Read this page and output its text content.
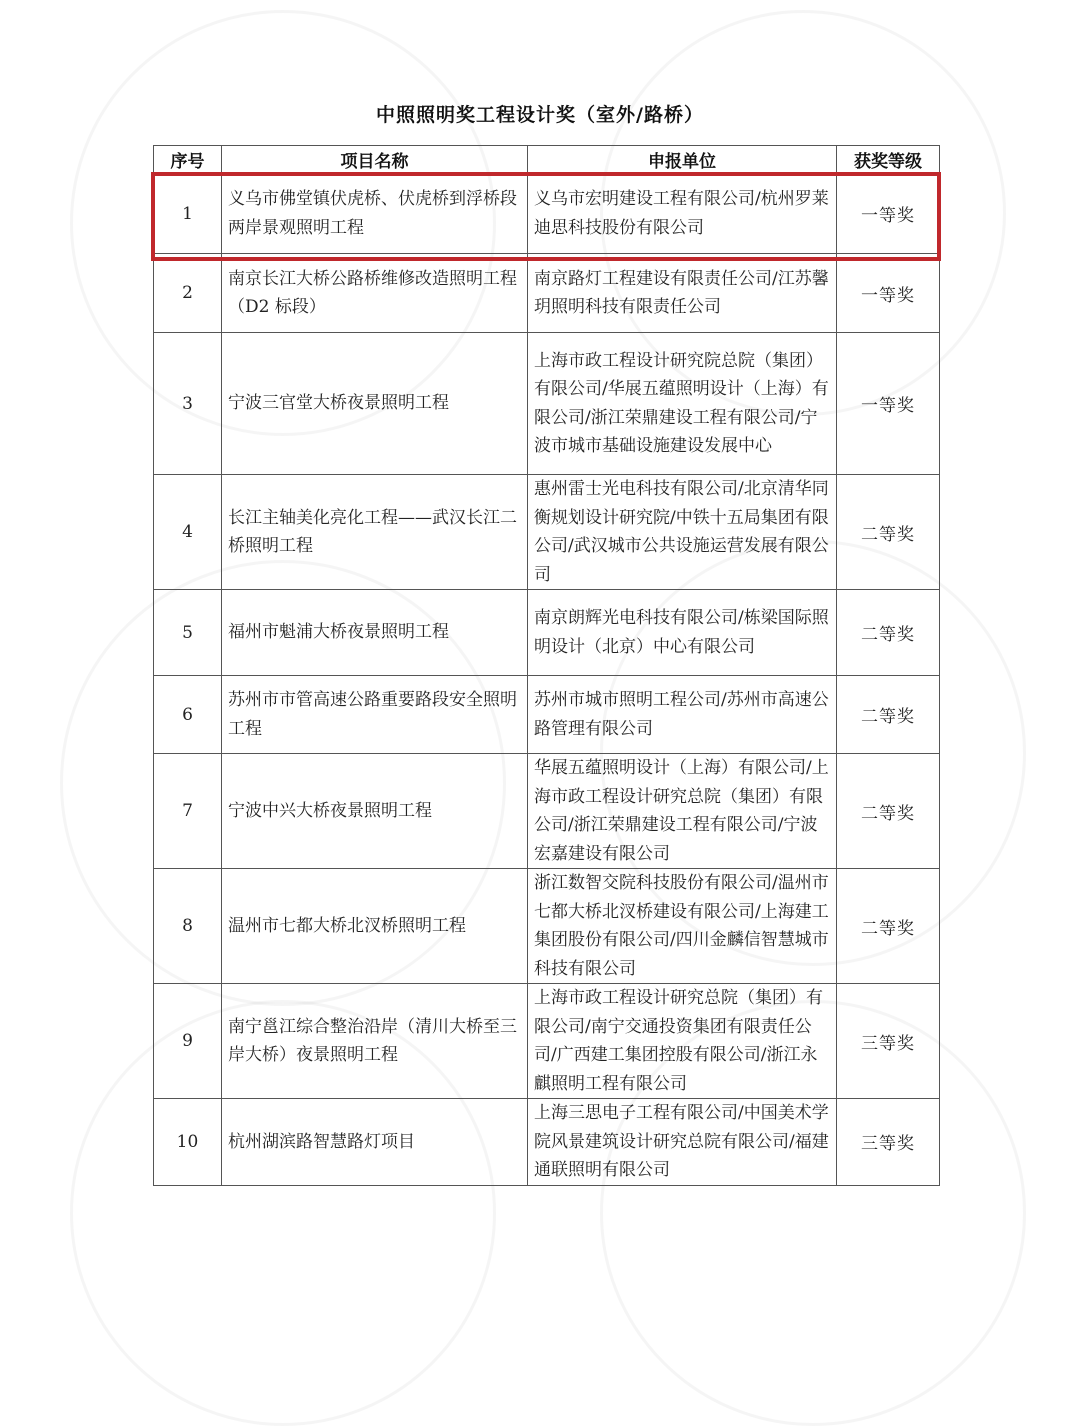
中照照明奖工程设计奖（室外/路桥）
序号	项目名称	申报单位	获奖等级
1	义乌市佛堂镇伏虎桥、伏虎桥到浮桥段两岸景观照明工程	义乌市宏明建设工程有限公司/杭州罗莱迪思科技股份有限公司	一等奖
2	南京长江大桥公路桥维修改造照明工程（D2 标段）	南京路灯工程建设有限责任公司/江苏馨玥照明科技有限责任公司	一等奖
3	宁波三官堂大桥夜景照明工程	上海市政工程设计研究院总院（集团）有限公司/华展五蕴照明设计（上海）有限公司/浙江荣鼎建设工程有限公司/宁波市城市基础设施建设发展中心	一等奖
4	长江主轴美化亮化工程——武汉长江二桥照明工程	惠州雷士光电科技有限公司/北京清华同衡规划设计研究院/中铁十五局集团有限公司/武汉城市公共设施运营发展有限公司	二等奖
5	福州市魁浦大桥夜景照明工程	南京朗辉光电科技有限公司/栋梁国际照明设计（北京）中心有限公司	二等奖
6	苏州市市管高速公路重要路段安全照明工程	苏州市城市照明工程公司/苏州市高速公路管理有限公司	二等奖
7	宁波中兴大桥夜景照明工程	华展五蕴照明设计（上海）有限公司/上海市政工程设计研究总院（集团）有限公司/浙江荣鼎建设工程有限公司/宁波宏嘉建设有限公司	二等奖
8	温州市七都大桥北汊桥照明工程	浙江数智交院科技股份有限公司/温州市七都大桥北汊桥建设有限公司/上海建工集团股份有限公司/四川金麟信智慧城市科技有限公司	二等奖
9	南宁邕江综合整治沿岸（清川大桥至三岸大桥）夜景照明工程	上海市政工程设计研究总院（集团）有限公司/南宁交通投资集团有限责任公司/广西建工集团控股有限公司/浙江永麒照明工程有限公司	三等奖
10	杭州湖滨路智慧路灯项目	上海三思电子工程有限公司/中国美术学院风景建筑设计研究总院有限公司/福建通联照明有限公司	三等奖
